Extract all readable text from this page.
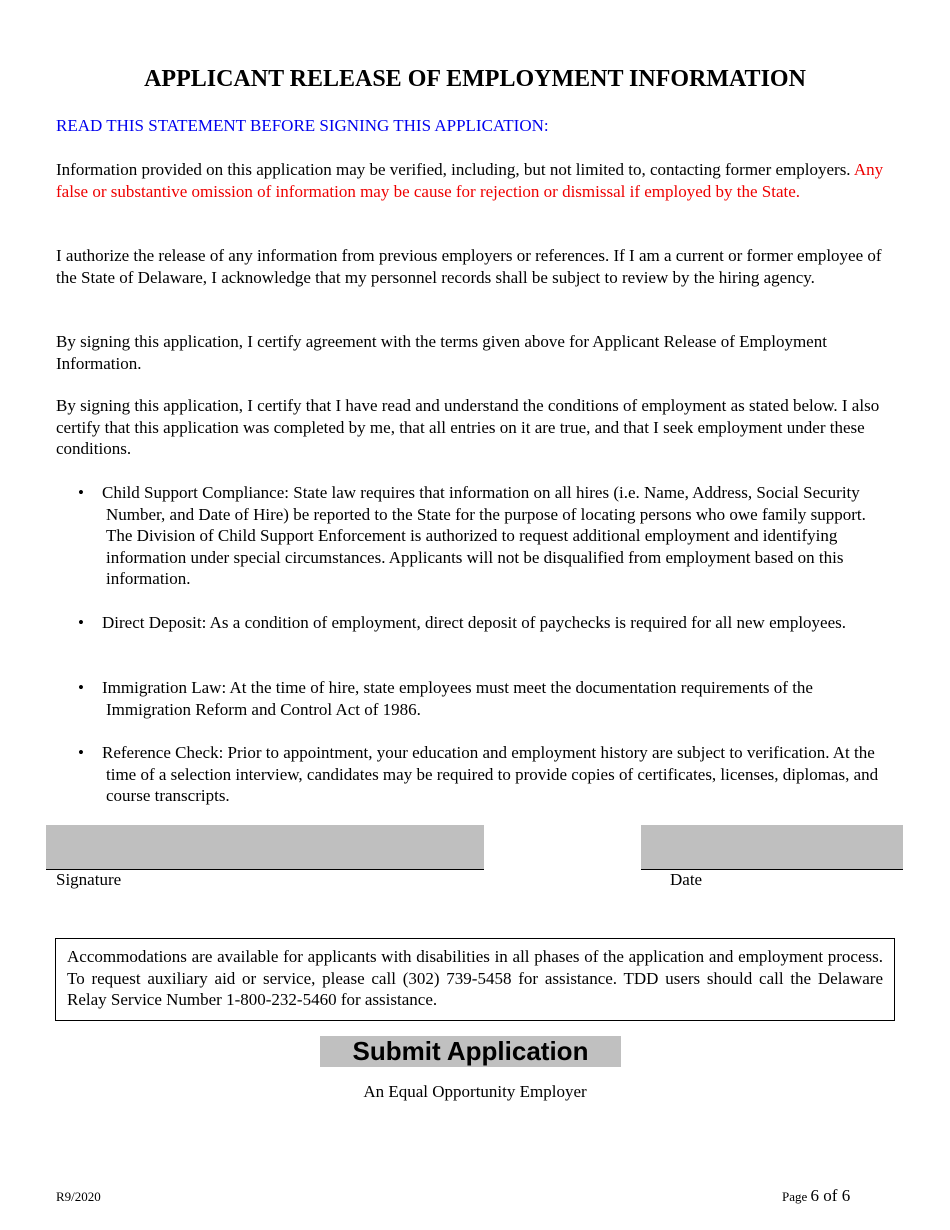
APPLICANT RELEASE OF EMPLOYMENT INFORMATION
READ THIS STATEMENT BEFORE SIGNING THIS APPLICATION:
Information provided on this application may be verified, including, but not limited to, contacting former employers. Any false or substantive omission of information may be cause for rejection or dismissal if employed by the State.
I authorize the release of any information from previous employers or references. If I am a current or former employee of the State of Delaware, I acknowledge that my personnel records shall be subject to review by the hiring agency.
By signing this application, I certify agreement with the terms given above for Applicant Release of Employment Information.
By signing this application, I certify that I have read and understand the conditions of employment as stated below. I also certify that this application was completed by me, that all entries on it are true, and that I seek employment under these conditions.
•	Child Support Compliance: State law requires that information on all hires (i.e. Name, Address, Social Security Number, and Date of Hire) be reported to the State for the purpose of locating persons who owe family support. The Division of Child Support Enforcement is authorized to request additional employment and identifying information under special circumstances. Applicants will not be disqualified from employment based on this information.
•	Direct Deposit: As a condition of employment, direct deposit of paychecks is required for all new employees.
•	Immigration Law: At the time of hire, state employees must meet the documentation requirements of the Immigration Reform and Control Act of 1986.
•	Reference Check: Prior to appointment, your education and employment history are subject to verification. At the time of a selection interview, candidates may be required to provide copies of certificates, licenses, diplomas, and course transcripts.
Signature	Date
Accommodations are available for applicants with disabilities in all phases of the application and employment process. To request auxiliary aid or service, please call (302) 739-5458 for assistance. TDD users should call the Delaware Relay Service Number 1-800-232-5460 for assistance.
Submit Application
An Equal Opportunity Employer
R9/2020	Page 6 of 6
